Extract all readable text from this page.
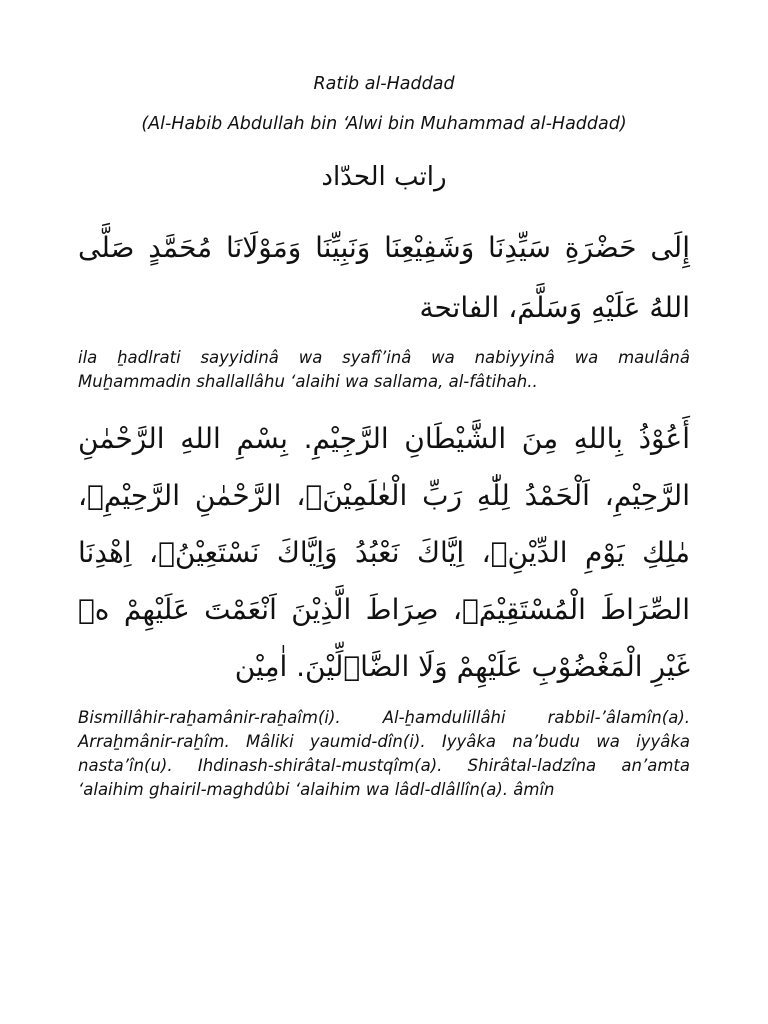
Ratib al-Haddad
(Al-Habib Abdullah bin ‘Alwi bin Muhammad al-Haddad)
راتب الحدّاد
إِلَى حَضْرَةِ سَيِّدِنَا وَشَفِيْعِنَا وَنَبِيِّنَا وَمَوْلَانَا مُحَمَّدٍ صَلَّى اللهُ عَلَيْهِ وَسَلَّمَ، الفاتحة
ila ẖadlrati sayyidinâ wa syafî’inâ wa nabiyyinâ wa maulânâ Muẖammadin shallallâhu ‘alaihi wa sallama, al-fâtihah..
أَعُوْذُ بِاللهِ مِنَ الشَّيْطَانِ الرَّجِيْمِ. بِسْمِ اللهِ الرَّحْمٰنِ الرَّحِيْمِ، اَلْحَمْدُ لِلّٰهِ رَبِّ الْعٰلَمِيْنَۙ، الرَّحْمٰنِ الرَّحِيْمِۙ، مٰلِكِ يَوْمِ الدِّيْنِۗ، اِيَّاكَ نَعْبُدُ وَاِيَّاكَ نَسْتَعِيْنُۗ، اِهْدِنَا الصِّرَاطَ الْمُسْتَقِيْمَۙ، صِرَاطَ الَّذِيْنَ اَنْعَمْتَ عَلَيْهِمْ ەۙ غَيْرِ الْمَغْضُوْبِ عَلَيْهِمْ وَلَا الضَّاۤلِّيْنَ. اٰمِيْن
Bismillâhir-raẖamânir-raẖaîm(i). Al-ẖamdulillâhi rabbil-’âlamîn(a). Arraẖmânir-raẖîm. Mâliki yaumid-dîn(i). Iyyâka na’budu wa iyyâka nasta’în(u). Ihdinash-shirâtal-mustqîm(a). Shirâtal-ladzîna an’amta ‘alaihim ghairil-maghdûbi ‘alaihim wa lâdl-dlâllîn(a). âmîn
